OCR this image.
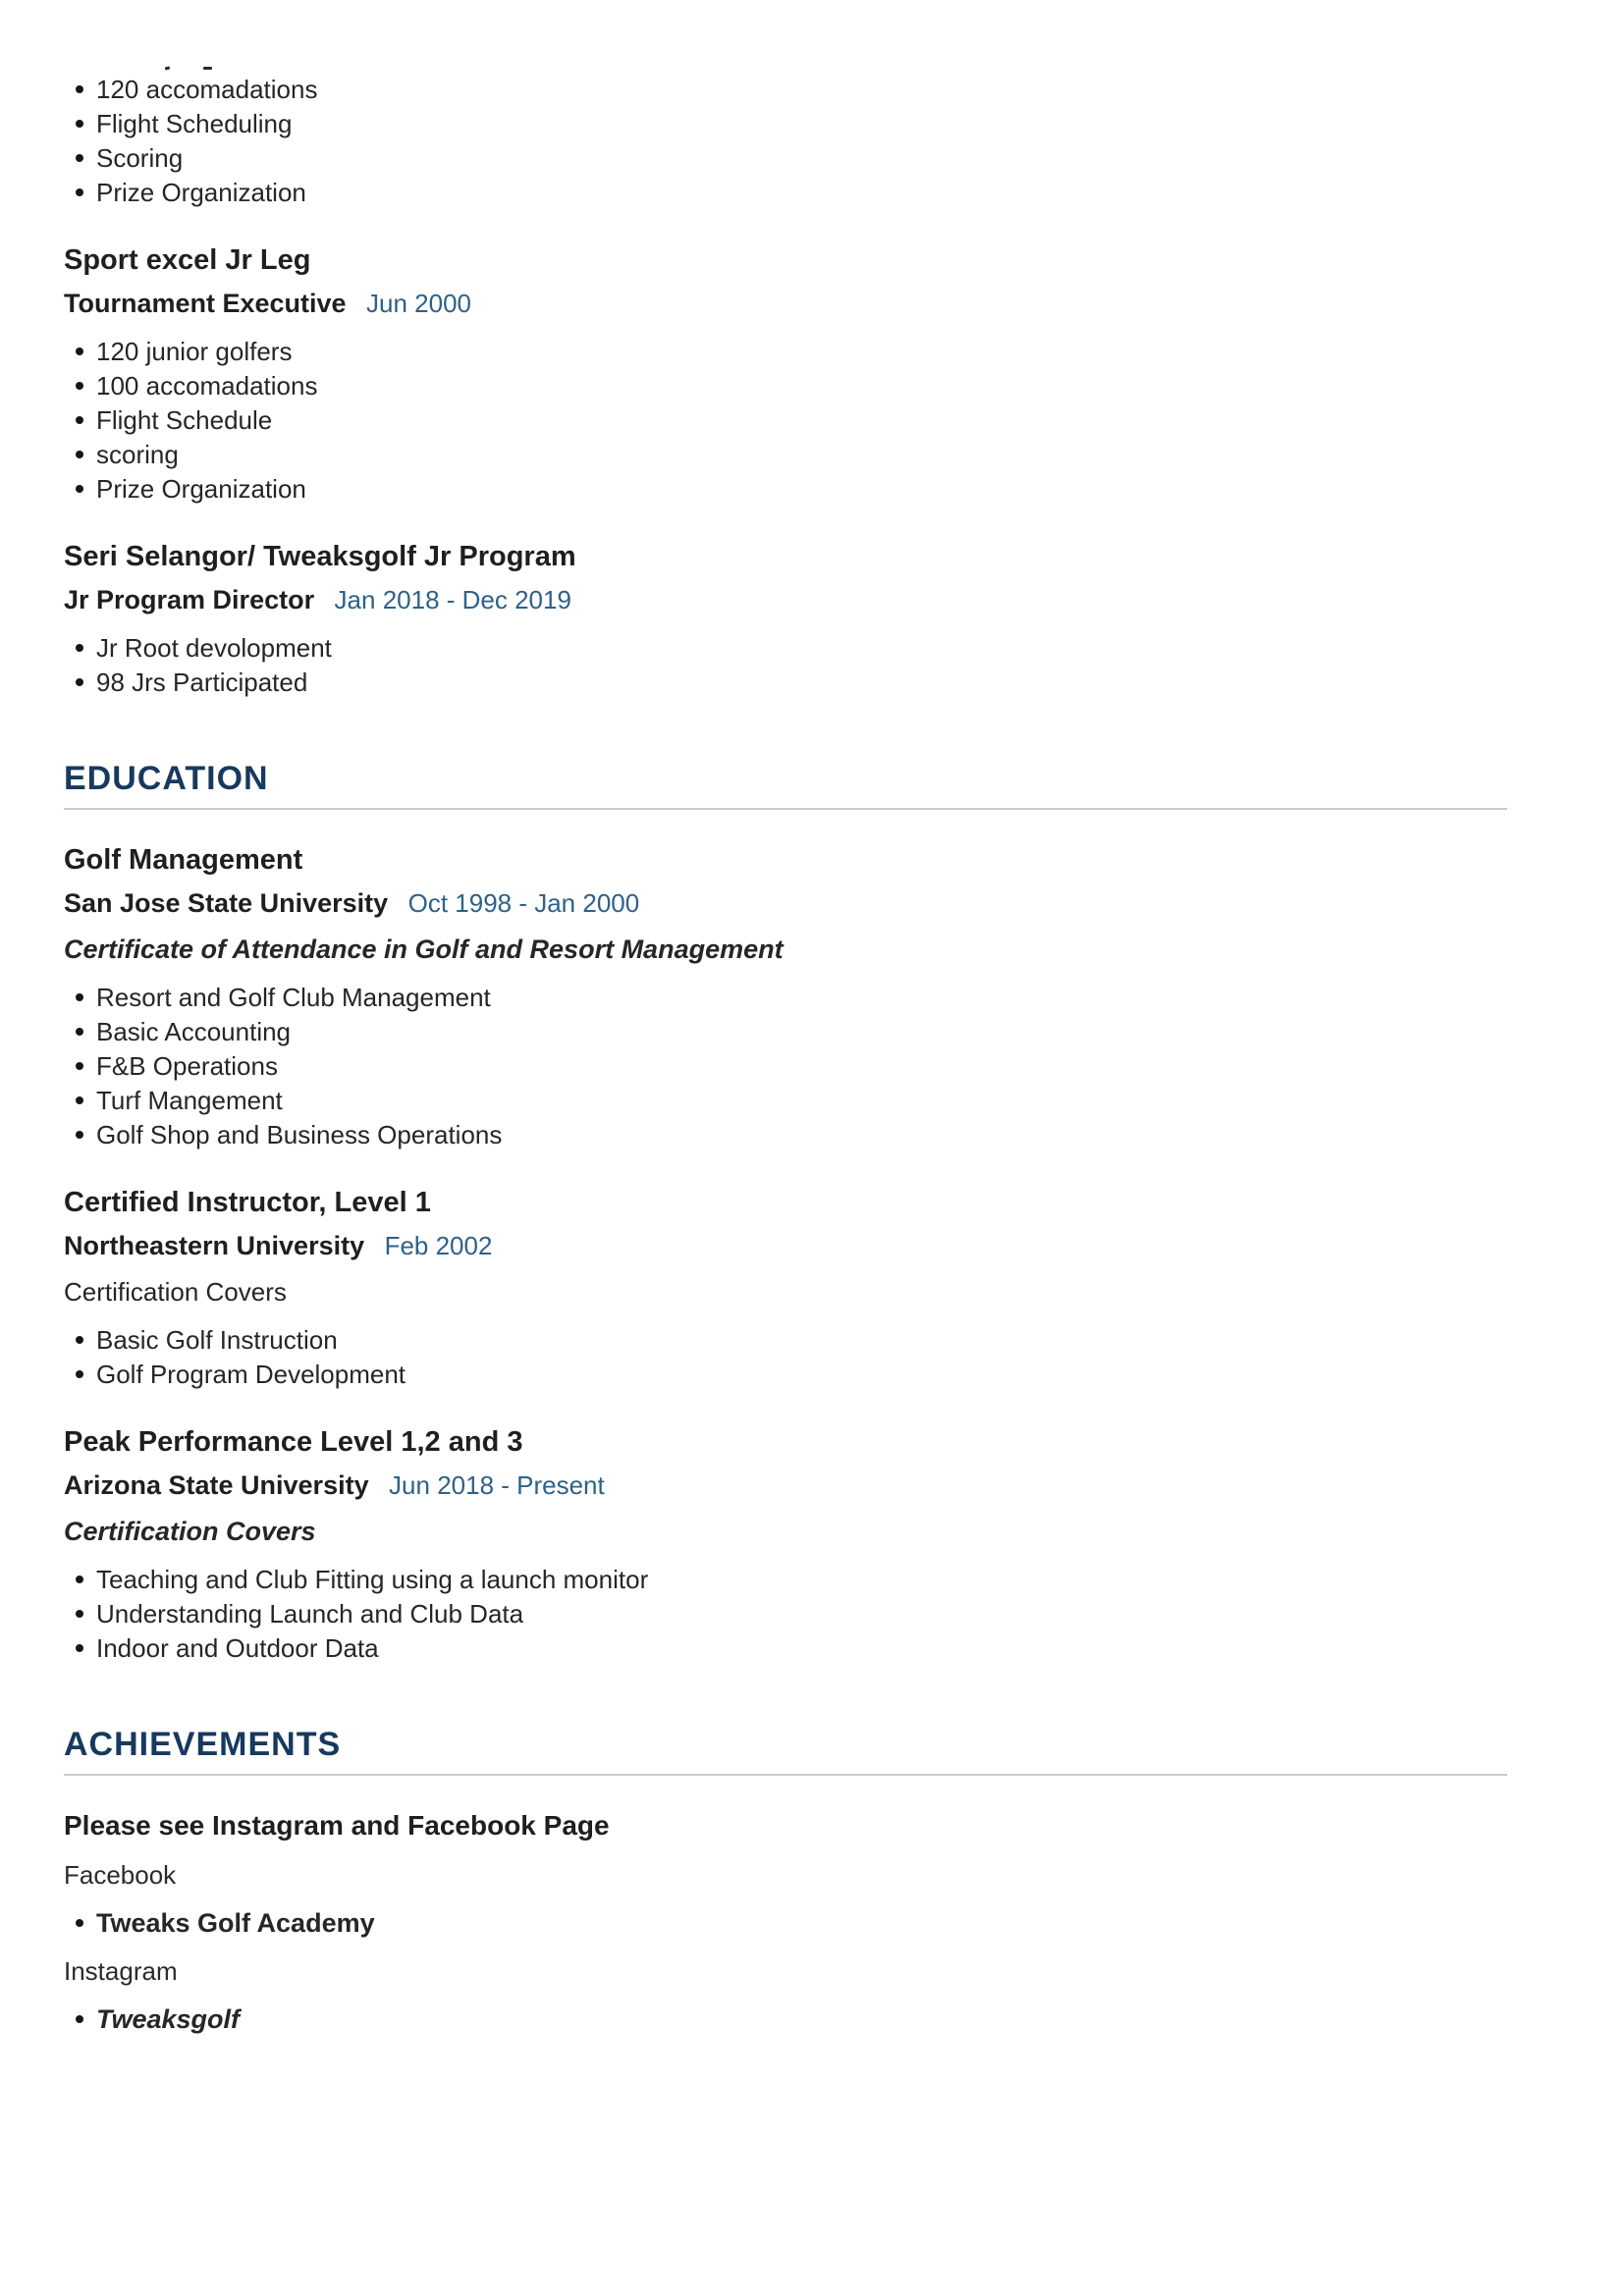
120 accomadations
Flight Scheduling
Scoring
Prize Organization
Sport excel Jr Leg
Tournament Executive Jun 2000
120 junior golfers
100 accomadations
Flight Schedule
scoring
Prize Organization
Seri Selangor/ Tweaksgolf Jr Program
Jr Program Director Jan 2018 - Dec 2019
Jr Root devolopment
98 Jrs Participated
EDUCATION
Golf Management
San Jose State University Oct 1998 - Jan 2000
Certificate of Attendance in Golf and Resort Management
Resort and Golf Club Management
Basic Accounting
F&B Operations
Turf Mangement
Golf Shop and Business Operations
Certified Instructor, Level 1
Northeastern University Feb 2002
Certification Covers
Basic Golf Instruction
Golf Program Development
Peak Performance Level 1,2 and 3
Arizona State University Jun 2018 - Present
Certification Covers
Teaching and Club Fitting using a launch monitor
Understanding Launch and Club Data
Indoor and Outdoor Data
ACHIEVEMENTS
Please see Instagram and Facebook Page
Facebook
Tweaks Golf Academy
Instagram
Tweaksgolf
